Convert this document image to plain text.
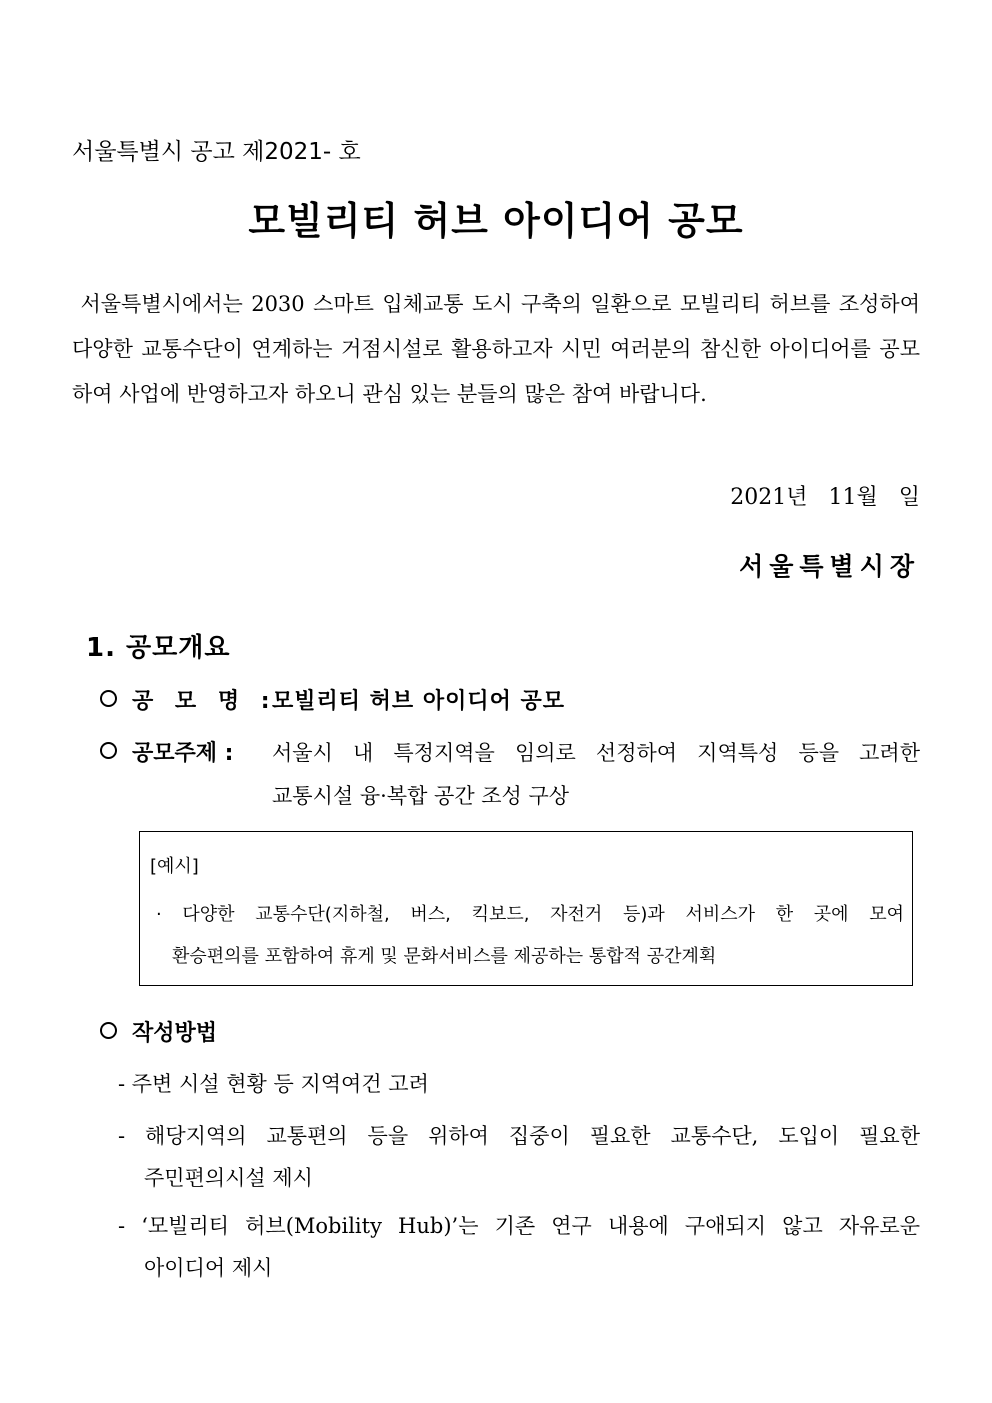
서울특별시 공고 제2021- 호
모빌리티 허브 아이디어 공모
서울특별시에서는 2030 스마트 입체교통 도시 구축의 일환으로 모빌리티 허브를 조성하여 다양한 교통수단이 연계하는 거점시설로 활용하고자 시민 여러분의 참신한 아이디어를 공모하여 사업에 반영하고자 하오니 관심 있는 분들의 많은 참여 바랍니다.
2021년 11월 일
서울특별시장
1. 공모개요
공 모 명 :
모빌리티 허브 아이디어 공모
공모주제 : 서울시 내 특정지역을 임의로 선정하여 지역특성 등을 고려한
교통시설 융·복합 공간 조성 구상
[예시]
· 다양한 교통수단(지하철, 버스, 킥보드, 자전거 등)과 서비스가 한 곳에 모여
환승편의를 포함하여 휴게 및 문화서비스를 제공하는 통합적 공간계획
작성방법
- 주변 시설 현황 등 지역여건 고려
- 해당지역의 교통편의 등을 위하여 집중이 필요한 교통수단, 도입이 필요한
주민편의시설 제시
- ‘모빌리티 허브(Mobility Hub)’는 기존 연구 내용에 구애되지 않고 자유로운
아이디어 제시
